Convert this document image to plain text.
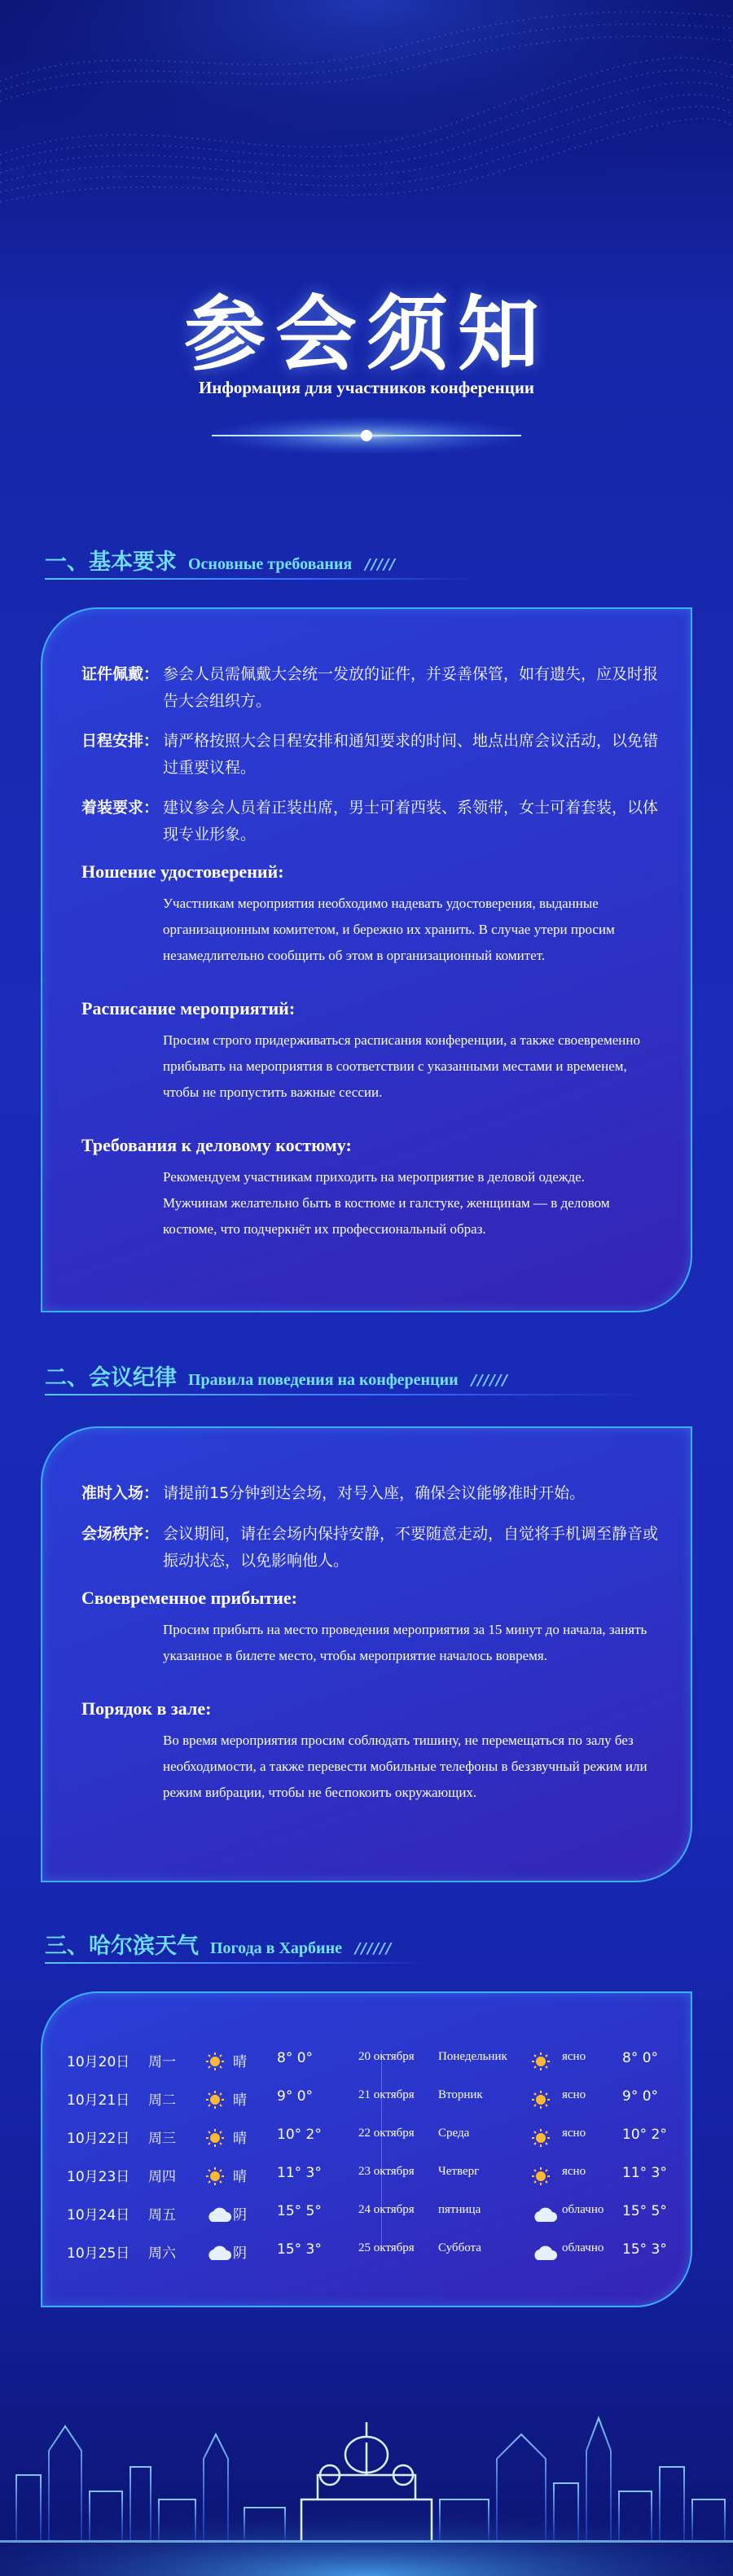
参会须知
Информация для участников конференции
一、基本要求 Основные требования /////
证件佩戴： 参会人员需佩戴大会统一发放的证件，并妥善保管，如有遗失，应及时报告大会组织方。
日程安排： 请严格按照大会日程安排和通知要求的时间、地点出席会议活动，以免错过重要议程。
着装要求： 建议参会人员着正装出席，男士可着西装、系领带，女士可着套装，以体现专业形象。
Ношение удостоверений:
Участникам мероприятия необходимо надевать удостоверения, выданные организационным комитетом, и бережно их хранить. В случае утери просим незамедлительно сообщить об этом в организационный комитет.
Расписание мероприятий:
Просим строго придерживаться расписания конференции, а также своевременно прибывать на мероприятия в соответствии с указанными местами и временем, чтобы не пропустить важные сессии.
Требования к деловому костюму:
Рекомендуем участникам приходить на мероприятие в деловой одежде. Мужчинам желательно быть в костюме и галстуке, женщинам — в деловом костюме, что подчеркнёт их профессиональный образ.
二、会议纪律 Правила поведения на конференции //////
准时入场： 请提前15分钟到达会场，对号入座，确保会议能够准时开始。
会场秩序： 会议期间，请在会场内保持安静，不要随意走动，自觉将手机调至静音或振动状态，以免影响他人。
Своевременное прибытие:
Просим прибыть на место проведения мероприятия за 15 минут до начала, занять указанное в билете место, чтобы мероприятие началось вовремя.
Порядок в зале:
Во время мероприятия просим соблюдать тишину, не перемещаться по залу без необходимости, а также перевести мобильные телефоны в беззвучный режим или режим вибрации, чтобы не беспокоить окружающих.
三、哈尔滨天气 Погода в Харбине //////
10月20日 周一	晴 8° 0°	20 октября Понедельник	ясно	8° 0°
10月21日 周二	晴 9° 0°	21 октября Вторник	ясно	9° 0°
10月22日 周三	晴 10° 2°	22 октября Среда	ясно	10° 2°
10月23日 周四	晴 11° 3°	23 октября Четверг	ясно	11° 3°
10月24日 周五	阴 15° 5°	24 октября пятница	облачно 15° 5°
10月25日 周六	阴 15° 3°	25 октября Суббота	облачно 15° 3°
